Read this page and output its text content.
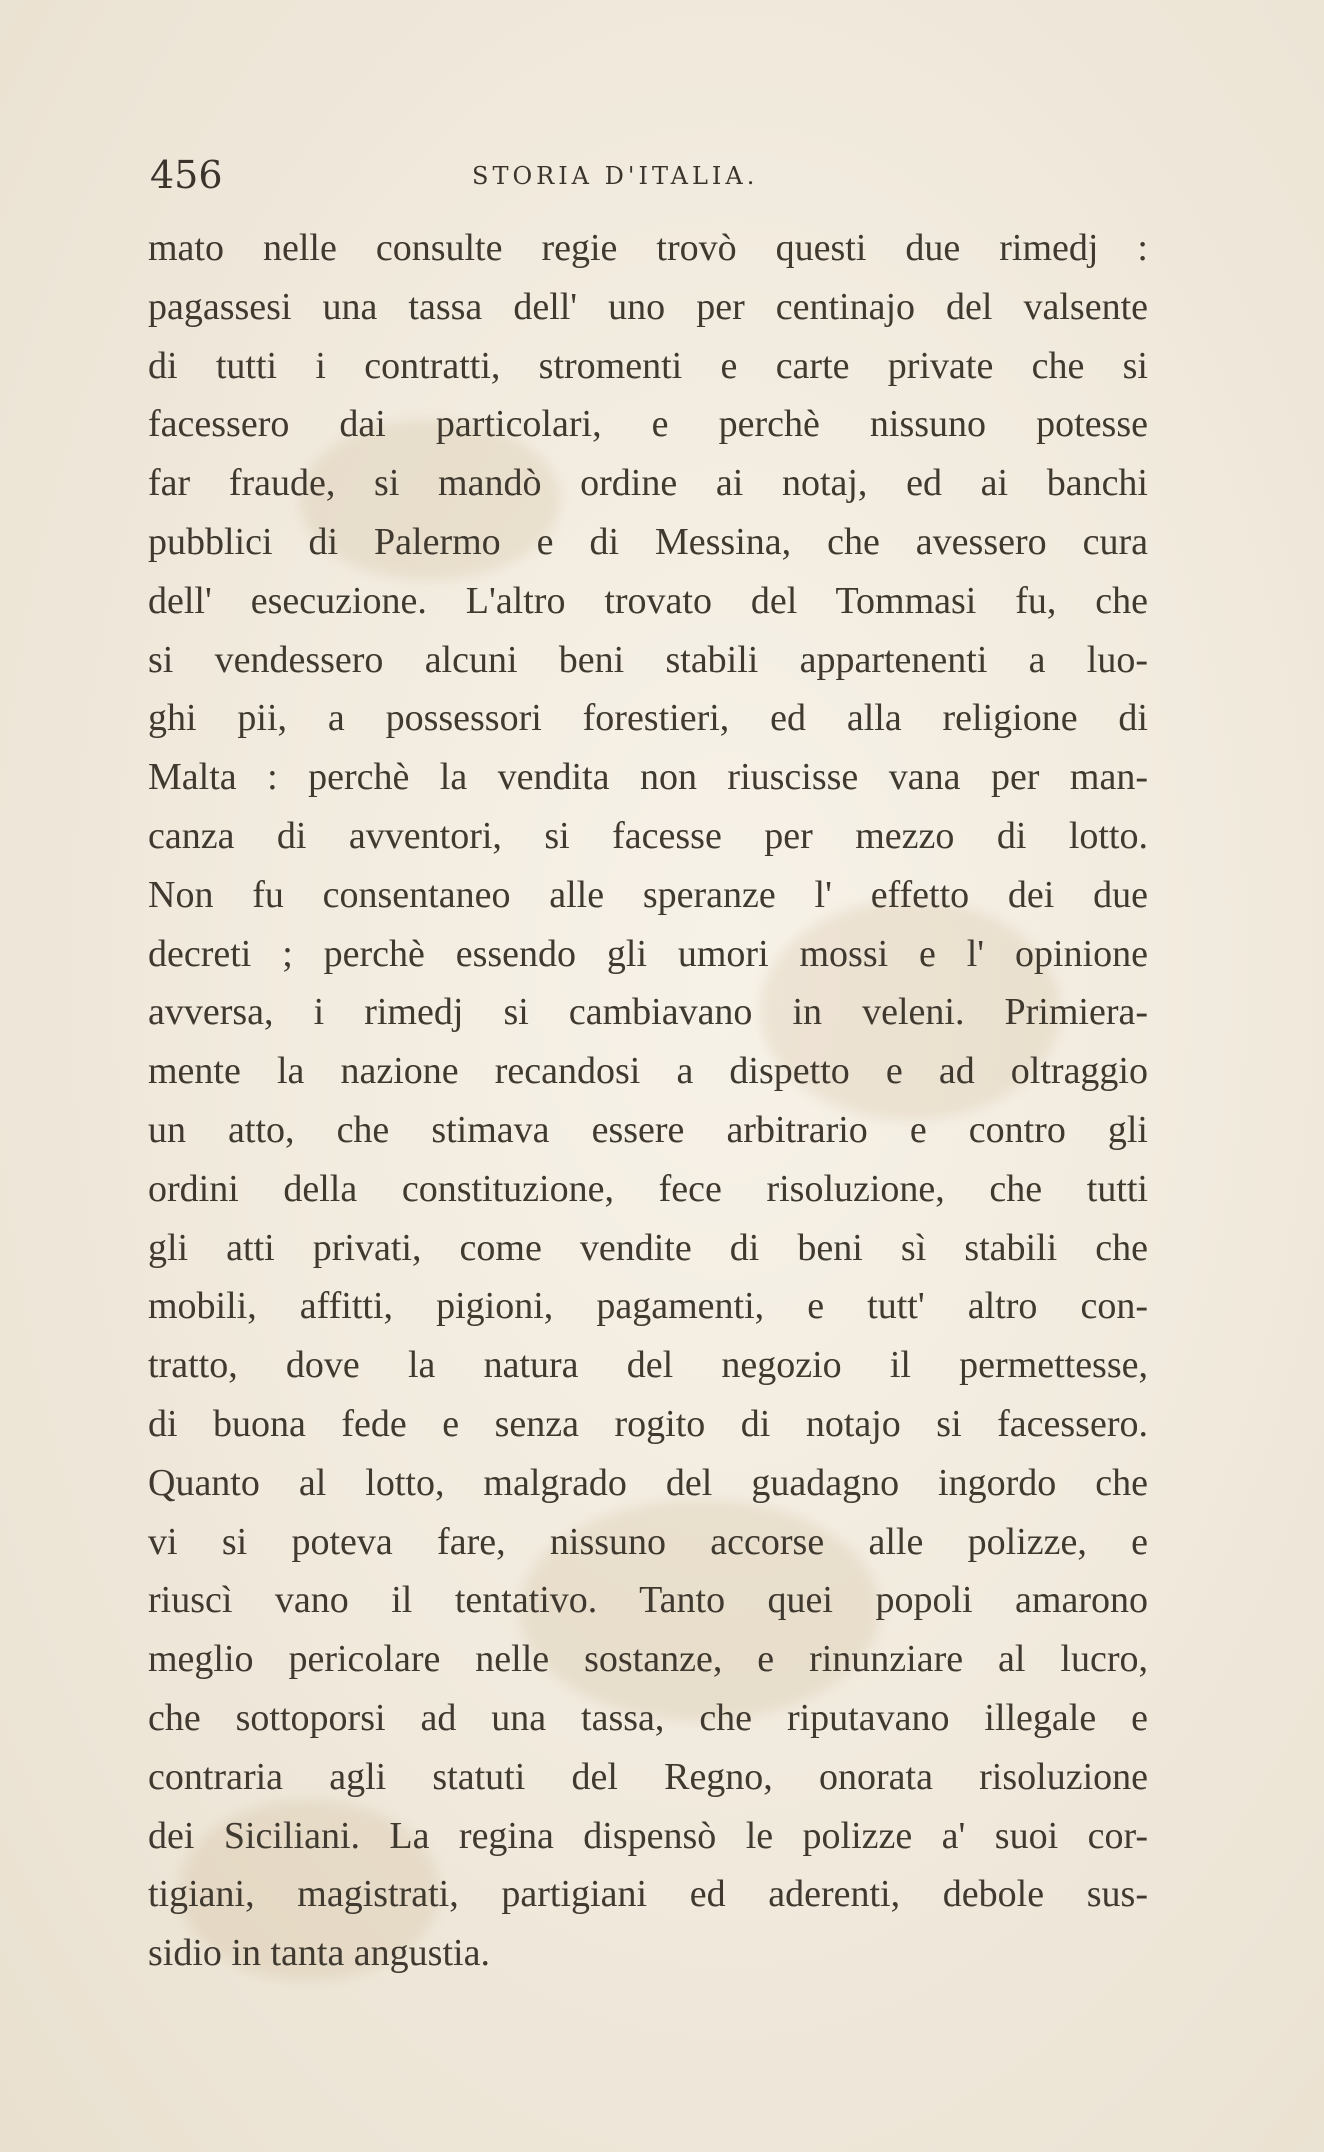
456	STORIA D'ITALIA.
mato nelle consulte regie trovò questi due rimedj :
pagassesi una tassa dell' uno per centinajo del valsente
di tutti i contratti, stromenti e carte private che si
facessero dai particolari, e perchè nissuno potesse
far fraude, si mandò ordine ai notaj, ed ai banchi
pubblici di Palermo e di Messina, che avessero cura
dell' esecuzione. L'altro trovato del Tommasi fu, che
si vendessero alcuni beni stabili appartenenti a luo-
ghi pii, a possessori forestieri, ed alla religione di
Malta : perchè la vendita non riuscisse vana per man-
canza di avventori, si facesse per mezzo di lotto.
Non fu consentaneo alle speranze l' effetto dei due
decreti ; perchè essendo gli umori mossi e l' opinione
avversa, i rimedj si cambiavano in veleni. Primiera-
mente la nazione recandosi a dispetto e ad oltraggio
un atto, che stimava essere arbitrario e contro gli
ordini della constituzione, fece risoluzione, che tutti
gli atti privati, come vendite di beni sì stabili che
mobili, affitti, pigioni, pagamenti, e tutt' altro con-
tratto, dove la natura del negozio il permettesse,
di buona fede e senza rogito di notajo si facessero.
Quanto al lotto, malgrado del guadagno ingordo che
vi si poteva fare, nissuno accorse alle polizze, e
riuscì vano il tentativo. Tanto quei popoli amarono
meglio pericolare nelle sostanze, e rinunziare al lucro,
che sottoporsi ad una tassa, che riputavano illegale e
contraria agli statuti del Regno, onorata risoluzione
dei Siciliani. La regina dispensò le polizze a' suoi cor-
tigiani, magistrati, partigiani ed aderenti, debole sus-
sidio in tanta angustia.
